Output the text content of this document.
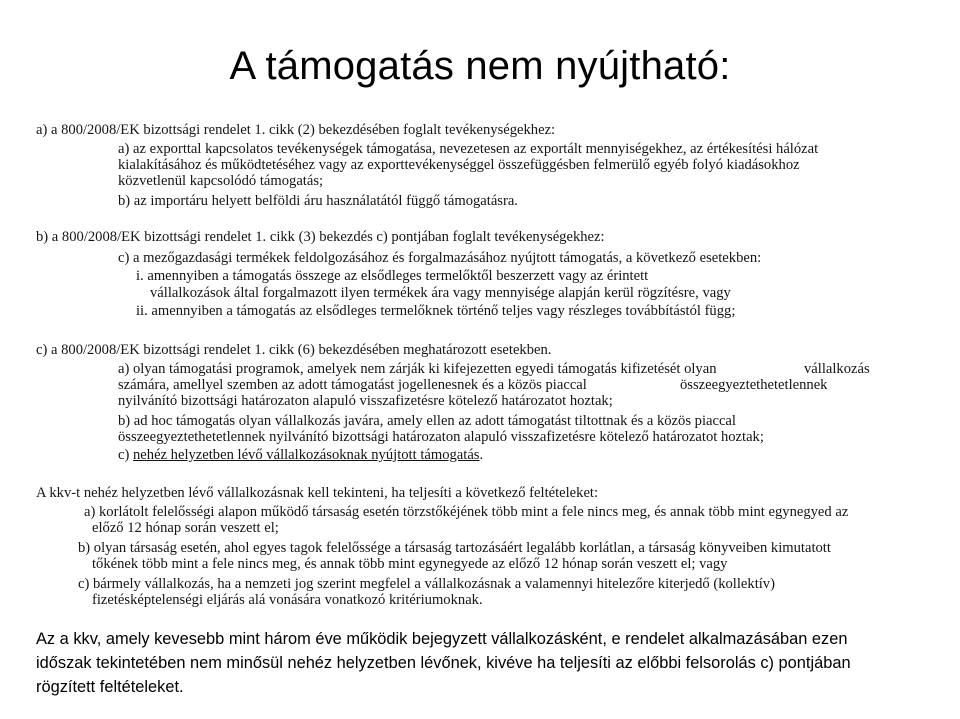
A támogatás nem nyújtható:
a) a 800/2008/EK bizottsági rendelet 1. cikk (2) bekezdésében foglalt tevékenységekhez:
a) az exporttal kapcsolatos tevékenységek támogatása, nevezetesen az exportált mennyiségekhez, az értékesítési hálózat
kialakításához és működtetéséhez vagy az exporttevékenységgel összefüggésben felmerülő egyéb folyó kiadásokhoz
közvetlenül kapcsolódó támogatás;
b) az importáru helyett belföldi áru használatától függő támogatásra.
b) a 800/2008/EK bizottsági rendelet 1. cikk (3) bekezdés c) pontjában foglalt tevékenységekhez:
c) a mezőgazdasági termékek feldolgozásához és forgalmazásához nyújtott támogatás, a következő esetekben:
i. amennyiben a támogatás összege az elsődleges termelőktől beszerzett vagy az érintett
vállalkozások által forgalmazott ilyen termékek ára vagy mennyisége alapján kerül rögzítésre, vagy
ii. amennyiben a támogatás az elsődleges termelőknek történő teljes vagy részleges továbbítástól függ;
c) a 800/2008/EK bizottsági rendelet 1. cikk (6) bekezdésében meghatározott esetekben.
a) olyan támogatási programok, amelyek nem zárják ki kifejezetten egyedi támogatás kifizetését olyan	vállalkozás
számára, amellyel szemben az adott támogatást jogellenesnek és a közös piaccal	összeegyeztethetetlennek
nyilvánító bizottsági határozaton alapuló visszafizetésre kötelező határozatot hoztak;
b) ad hoc támogatás olyan vállalkozás javára, amely ellen az adott támogatást tiltottnak és a közös piaccal
összeegyeztethetetlennek nyilvánító bizottsági határozaton alapuló visszafizetésre kötelező határozatot hoztak;
c) nehéz helyzetben lévő vállalkozásoknak nyújtott támogatás.
A kkv-t nehéz helyzetben lévő vállalkozásnak kell tekinteni, ha teljesíti a következő feltételeket:
a) korlátolt felelősségi alapon működő társaság esetén törzstőkéjének több mint a fele nincs meg, és annak több mint egynegyed az
előző 12 hónap során veszett el;
b) olyan társaság esetén, ahol egyes tagok felelőssége a társaság tartozásáért legalább korlátlan, a társaság könyveiben kimutatott
tőkének több mint a fele nincs meg, és annak több mint egynegyede az előző 12 hónap során veszett el; vagy
c) bármely vállalkozás, ha a nemzeti jog szerint megfelel a vállalkozásnak a valamennyi hitelezőre kiterjedő (kollektív)
fizetésképtelenségi eljárás alá vonására vonatkozó kritériumoknak.
Az a kkv, amely kevesebb mint három éve működik bejegyzett vállalkozásként, e rendelet alkalmazásában ezen
időszak tekintetében nem minősül nehéz helyzetben lévőnek, kivéve ha teljesíti az előbbi felsorolás c) pontjában
rögzített feltételeket.
